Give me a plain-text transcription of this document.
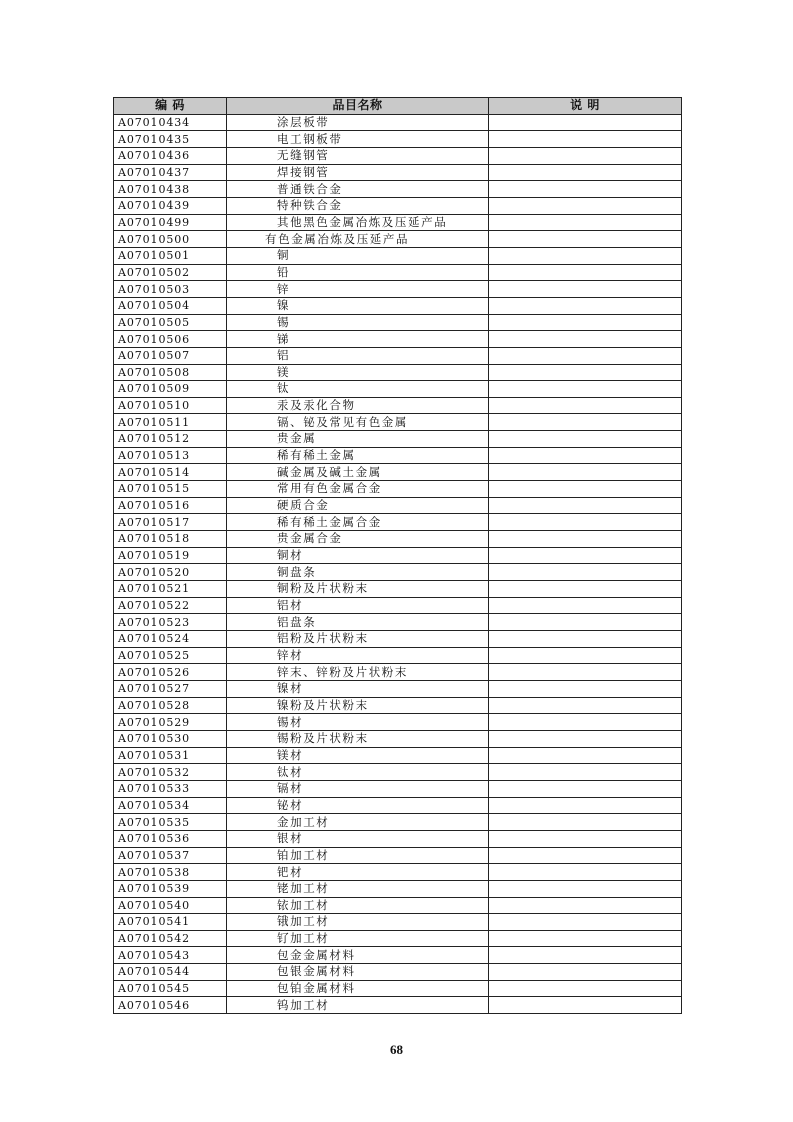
编 码	品目名称	说 明
A07010434	涂层板带	
A07010435	电工钢板带	
A07010436	无缝钢管	
A07010437	焊接钢管	
A07010438	普通铁合金	
A07010439	特种铁合金	
A07010499	其他黑色金属冶炼及压延产品	
A07010500	有色金属冶炼及压延产品	
A07010501	铜	
A07010502	铅	
A07010503	锌	
A07010504	镍	
A07010505	锡	
A07010506	锑	
A07010507	铝	
A07010508	镁	
A07010509	钛	
A07010510	汞及汞化合物	
A07010511	镉、铋及常见有色金属	
A07010512	贵金属	
A07010513	稀有稀土金属	
A07010514	碱金属及碱土金属	
A07010515	常用有色金属合金	
A07010516	硬质合金	
A07010517	稀有稀土金属合金	
A07010518	贵金属合金	
A07010519	铜材	
A07010520	铜盘条	
A07010521	铜粉及片状粉末	
A07010522	铝材	
A07010523	铝盘条	
A07010524	铝粉及片状粉末	
A07010525	锌材	
A07010526	锌末、锌粉及片状粉末	
A07010527	镍材	
A07010528	镍粉及片状粉末	
A07010529	锡材	
A07010530	锡粉及片状粉末	
A07010531	镁材	
A07010532	钛材	
A07010533	镉材	
A07010534	铋材	
A07010535	金加工材	
A07010536	银材	
A07010537	铂加工材	
A07010538	钯材	
A07010539	铑加工材	
A07010540	铱加工材	
A07010541	锇加工材	
A07010542	钌加工材	
A07010543	包金金属材料	
A07010544	包银金属材料	
A07010545	包铂金属材料	
A07010546	钨加工材	
68
